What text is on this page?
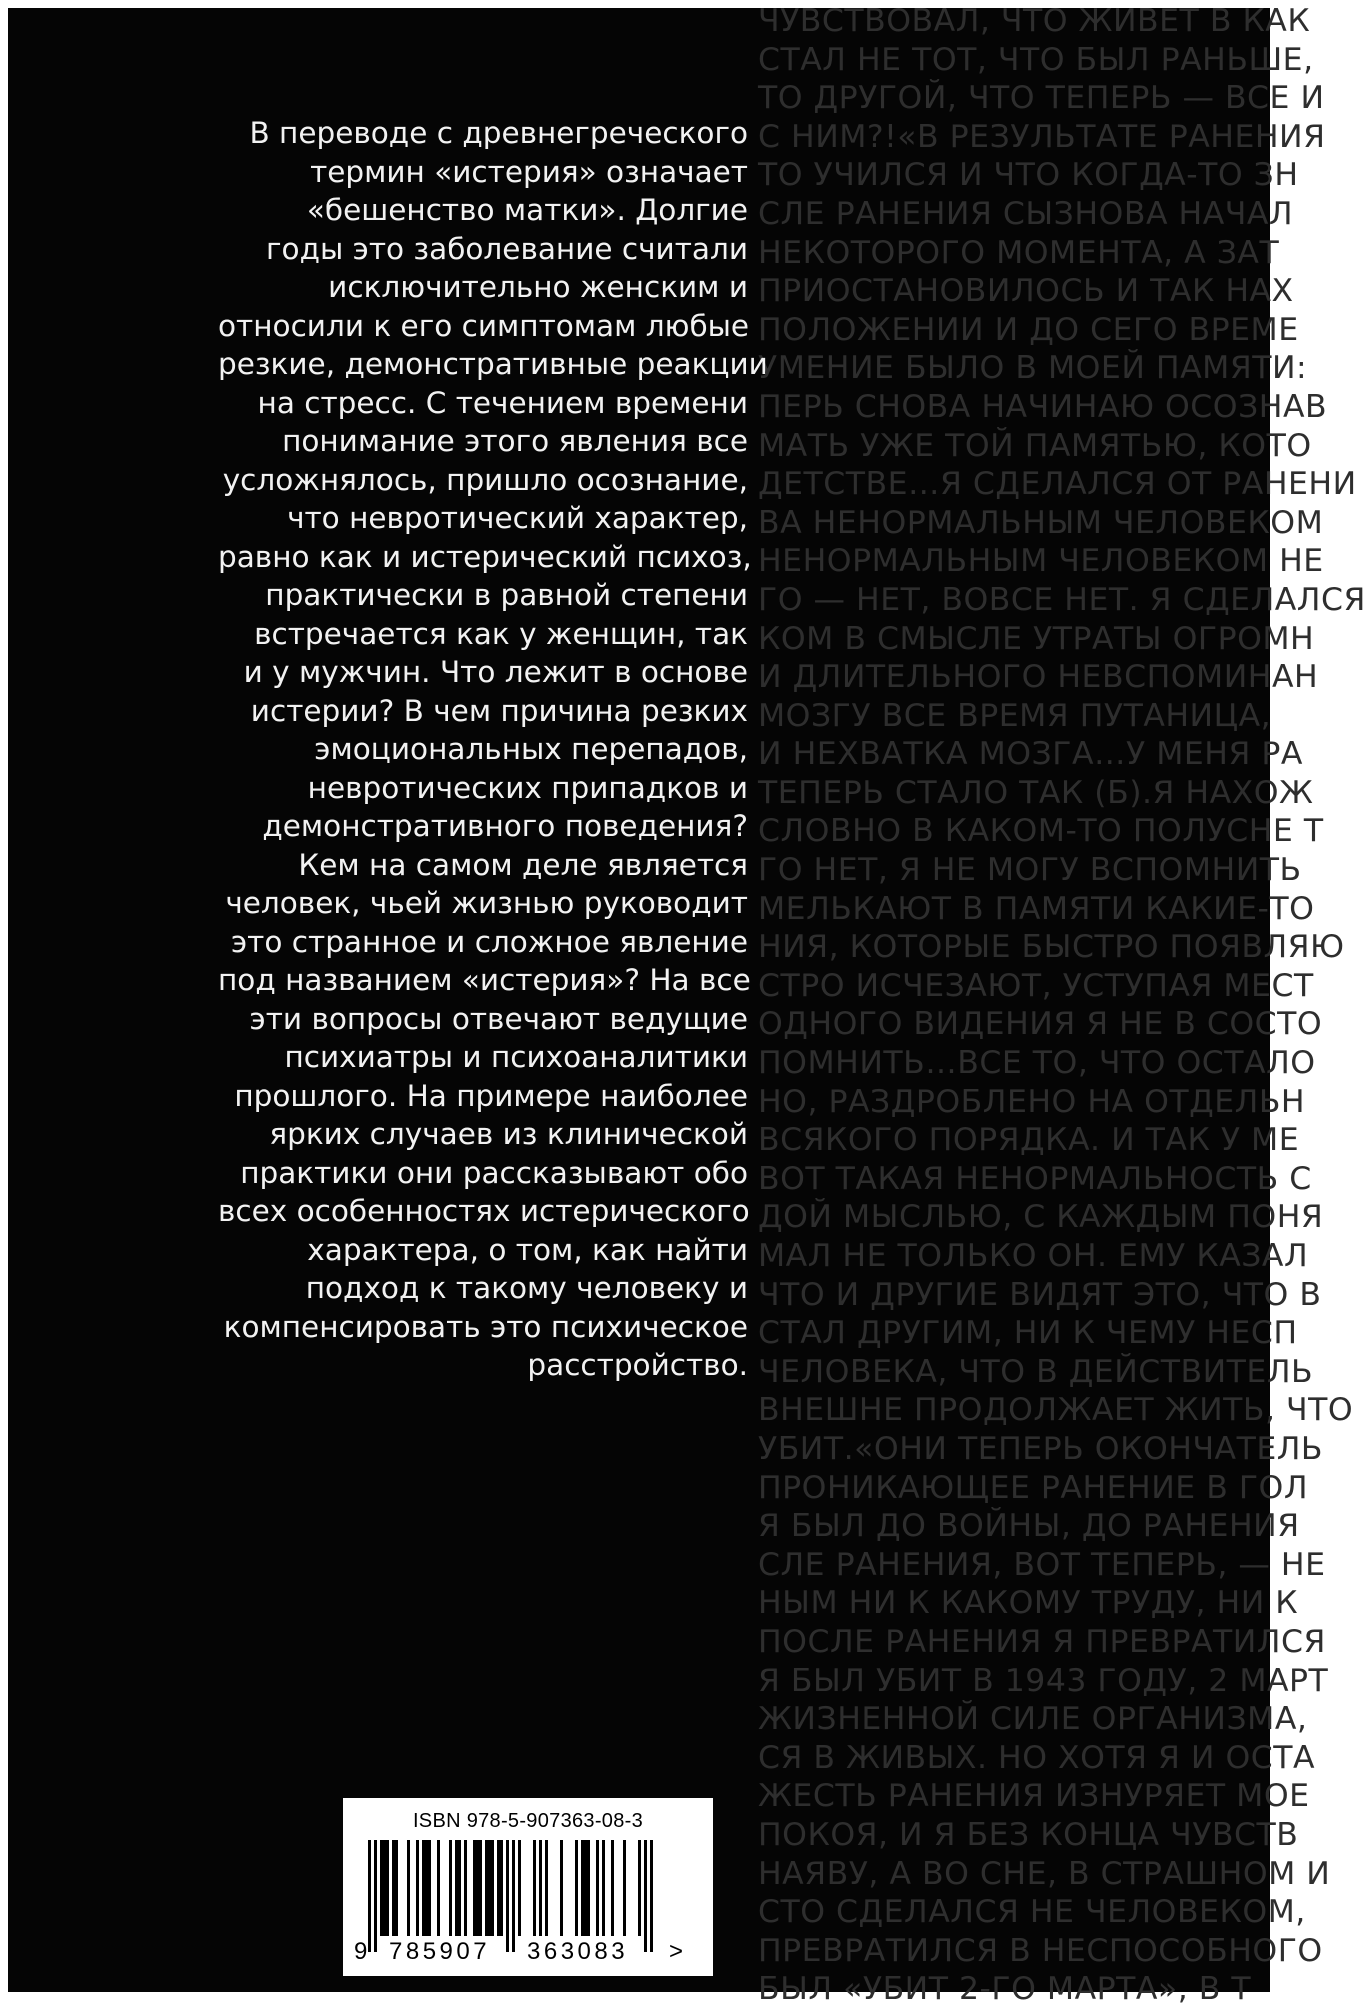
ЧУВСТВОВАЛ, ЧТО ЖИВЕТ В КАК
СТАЛ НЕ ТОТ, ЧТО БЫЛ РАНЬШЕ,
ТО ДРУГОЙ, ЧТО ТЕПЕРЬ — ВСЕ И
С НИМ?!«В РЕЗУЛЬТАТЕ РАНЕНИЯ
ТО УЧИЛСЯ И ЧТО КОГДА-ТО ЗН
СЛЕ РАНЕНИЯ СЫЗНОВА НАЧАЛ
НЕКОТОРОГО МОМЕНТА, А ЗАТ
ПРИОСТАНОВИЛОСЬ И ТАК НАХ
ПОЛОЖЕНИИ И ДО СЕГО ВРЕМЕ
УМЕНИЕ БЫЛО В МОЕЙ ПАМЯТИ:
ПЕРЬ СНОВА НАЧИНАЮ ОСОЗНАВ
МАТЬ УЖЕ ТОЙ ПАМЯТЬЮ, КОТО
ДЕТСТВЕ…Я СДЕЛАЛСЯ ОТ РАНЕНИ
ВА НЕНОРМАЛЬНЫМ ЧЕЛОВЕКОМ
НЕНОРМАЛЬНЫМ ЧЕЛОВЕКОМ НЕ
ГО — НЕТ, ВОВСЕ НЕТ. Я СДЕЛАЛСЯ
КОМ В СМЫСЛЕ УТРАТЫ ОГРОМН
И ДЛИТЕЛЬНОГО НЕВСПОМИНАН
МОЗГУ ВСЕ ВРЕМЯ ПУТАНИЦА,
И НЕХВАТКА МОЗГА…У МЕНЯ РА
ТЕПЕРЬ СТАЛО ТАК (Б).Я НАХОЖ
СЛОВНО В КАКОМ-ТО ПОЛУСНЕ Т
ГО НЕТ, Я НЕ МОГУ ВСПОМНИТЬ
МЕЛЬКАЮТ В ПАМЯТИ КАКИЕ-ТО
НИЯ, КОТОРЫЕ БЫСТРО ПОЯВЛЯЮ
СТРО ИСЧЕЗАЮТ, УСТУПАЯ МЕСТ
ОДНОГО ВИДЕНИЯ Я НЕ В СОСТО
ПОМНИТЬ…ВСЕ ТО, ЧТО ОСТАЛО
НО, РАЗДРОБЛЕНО НА ОТДЕЛЬН
ВСЯКОГО ПОРЯДКА. И ТАК У МЕ
ВОТ ТАКАЯ НЕНОРМАЛЬНОСТЬ С
ДОЙ МЫСЛЬЮ, С КАЖДЫМ ПОНЯ
МАЛ НЕ ТОЛЬКО ОН. ЕМУ КАЗАЛ
ЧТО И ДРУГИЕ ВИДЯТ ЭТО, ЧТО В
СТАЛ ДРУГИМ, НИ К ЧЕМУ НЕСП
ЧЕЛОВЕКА, ЧТО В ДЕЙСТВИТЕЛЬ
ВНЕШНЕ ПРОДОЛЖАЕТ ЖИТЬ, ЧТО
УБИТ.«ОНИ ТЕПЕРЬ ОКОНЧАТЕЛЬ
ПРОНИКАЮЩЕЕ РАНЕНИЕ В ГОЛ
Я БЫЛ ДО ВОЙНЫ, ДО РАНЕНИЯ
СЛЕ РАНЕНИЯ, ВОТ ТЕПЕРЬ, — НЕ
НЫМ НИ К КАКОМУ ТРУДУ, НИ К
ПОСЛЕ РАНЕНИЯ Я ПРЕВРАТИЛСЯ
Я БЫЛ УБИТ В 1943 ГОДУ, 2 МАРТ
ЖИЗНЕННОЙ СИЛЕ ОРГАНИЗМА,
СЯ В ЖИВЫХ. НО ХОТЯ Я И ОСТА
ЖЕСТЬ РАНЕНИЯ ИЗНУРЯЕТ МОЕ
ПОКОЯ, И Я БЕЗ КОНЦА ЧУВСТВ
НАЯВУ, А ВО СНЕ, В СТРАШНОМ И
СТО СДЕЛАЛСЯ НЕ ЧЕЛОВЕКОМ,
ПРЕВРАТИЛСЯ В НЕСПОСОБНОГО
БЫЛ «УБИТ 2-ГО МАРТА», В Т
В переводе с древнегреческого
термин «истерия» означает
«бешенство матки». Долгие
годы это заболевание считали
исключительно женским и
относили к его симптомам любые
резкие, демонстративные реакции
на стресс. С течением времени
понимание этого явления все
усложнялось, пришло осознание,
что невротический характер,
равно как и истерический психоз,
практически в равной степени
встречается как у женщин, так
и у мужчин. Что лежит в основе
истерии? В чем причина резких
эмоциональных перепадов,
невротических припадков и
демонстративного поведения?
Кем на самом деле является
человек, чьей жизнью руководит
это странное и сложное явление
под названием «истерия»? На все
эти вопросы отвечают ведущие
психиатры и психоаналитики
прошлого. На примере наиболее
ярких случаев из клинической
практики они рассказывают обо
всех особенностях истерического
характера, о том, как найти
подход к такому человеку и
компенсировать это психическое
расстройство.
ISBN 978-5-907363-08-3
9 785907 363083 >
